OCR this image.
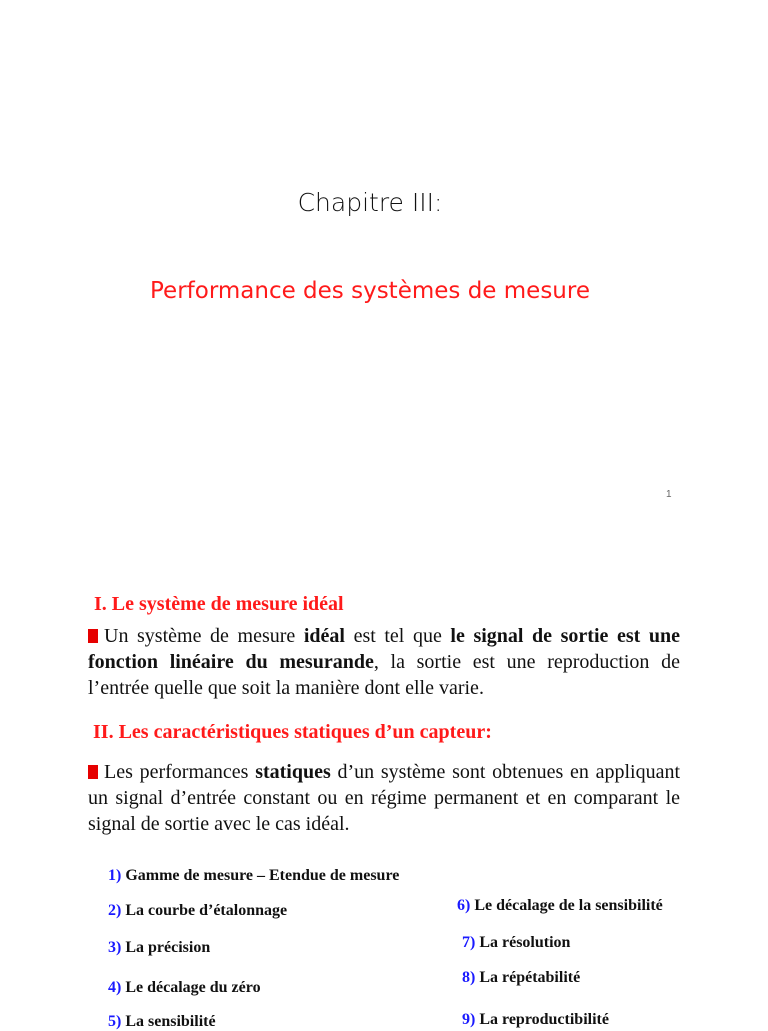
Chapitre III:
Performance des systèmes de mesure
1
I. Le système de mesure idéal
Un système de mesure idéal est tel que le signal de sortie est une fonction linéaire du mesurande, la sortie est une reproduction de l’entrée quelle que soit la manière dont elle varie.
II. Les caractéristiques statiques d’un capteur:
Les performances statiques d’un système sont obtenues en appliquant un signal d’entrée constant ou en régime permanent et en comparant le signal de sortie avec le cas idéal.
1) Gamme de mesure – Etendue de mesure
2) La courbe d’étalonnage
3) La précision
4) Le décalage du zéro
5) La sensibilité
6) Le décalage de la sensibilité
7) La résolution
8) La répétabilité
9) La reproductibilité
